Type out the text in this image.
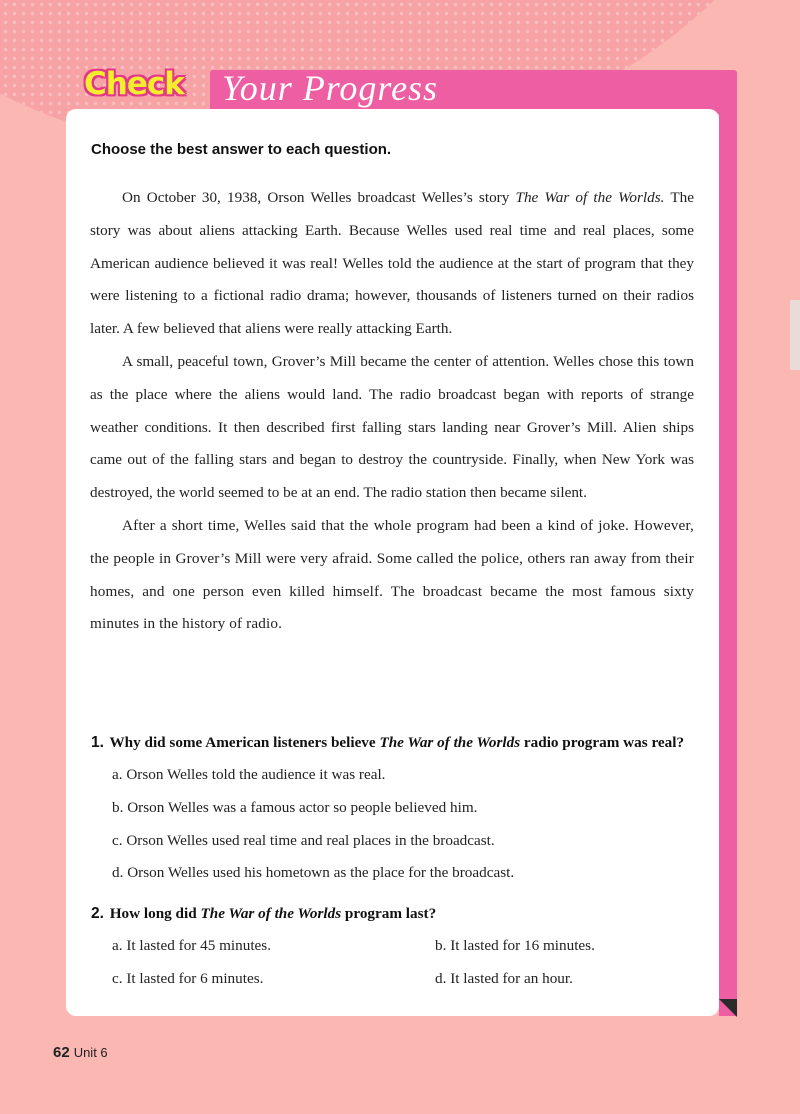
Check Your Progress
Choose the best answer to each question.

On October 30, 1938, Orson Welles broadcast Welles’s story The War of the Worlds. The story was about aliens attacking Earth. Because Welles used real time and real places, some American audience believed it was real! Welles told the audience at the start of program that they were listening to a fictional radio drama; however, thousands of listeners turned on their radios later. A few believed that aliens were really attacking Earth.

A small, peaceful town, Grover’s Mill became the center of attention. Welles chose this town as the place where the aliens would land. The radio broadcast began with reports of strange weather conditions. It then described first falling stars landing near Grover’s Mill. Alien ships came out of the falling stars and began to destroy the countryside. Finally, when New York was destroyed, the world seemed to be at an end. The radio station then became silent.

After a short time, Welles said that the whole program had been a kind of joke. However, the people in Grover’s Mill were very afraid. Some called the police, others ran away from their homes, and one person even killed himself. The broadcast became the most famous sixty minutes in the history of radio.

1. Why did some American listeners believe The War of the Worlds radio program was real?
a. Orson Welles told the audience it was real.
b. Orson Welles was a famous actor so people believed him.
c. Orson Welles used real time and real places in the broadcast.
d. Orson Welles used his hometown as the place for the broadcast.
2. How long did The War of the Worlds program last?
a. It lasted for 45 minutes.	b. It lasted for 16 minutes.
c. It lasted for 6 minutes.	d. It lasted for an hour.
62 Unit 6
